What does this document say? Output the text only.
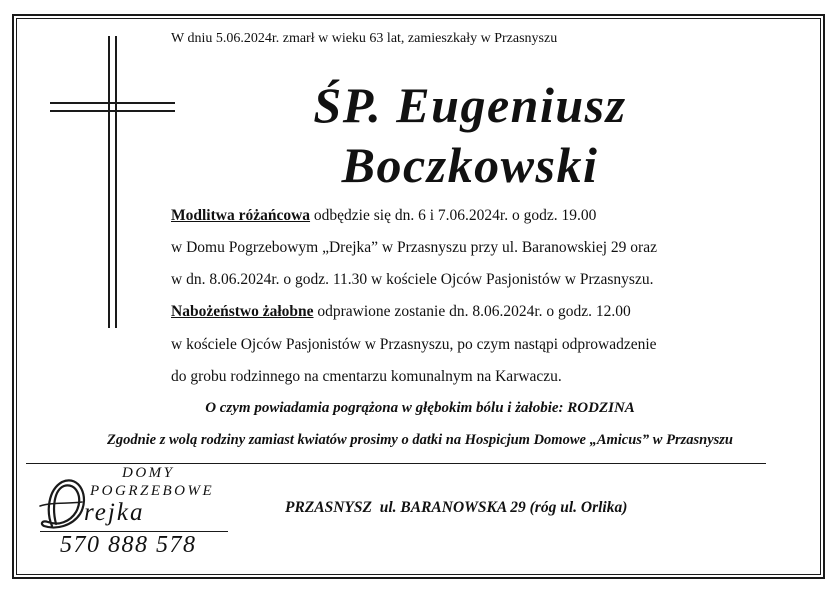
W dniu 5.06.2024r. zmarł w wieku 63 lat, zamieszkały w Przasnyszu
ŚP. Eugeniusz
Boczkowski
Modlitwa różańcowa odbędzie się dn. 6 i 7.06.2024r. o godz. 19.00
w Domu Pogrzebowym „Drejka” w Przasnyszu przy ul. Baranowskiej 29 oraz
w dn. 8.06.2024r. o godz. 11.30 w kościele Ojców Pasjonistów w Przasnyszu.
Nabożeństwo żałobne odprawione zostanie dn. 8.06.2024r. o godz. 12.00
w kościele Ojców Pasjonistów w Przasnyszu, po czym nastąpi odprowadzenie
do grobu rodzinnego na cmentarzu komunalnym na Karwaczu.
O czym powiadamia pogrążona w głębokim bólu i żałobie: RODZINA
Zgodnie z wolą rodziny zamiast kwiatów prosimy o datki na Hospicjum Domowe „Amicus” w Przasnyszu
DOMY
POGRZEBOWE
rejka
570 888 578
PRZASNYSZ  ul. BARANOWSKA 29 (róg ul. Orlika)
